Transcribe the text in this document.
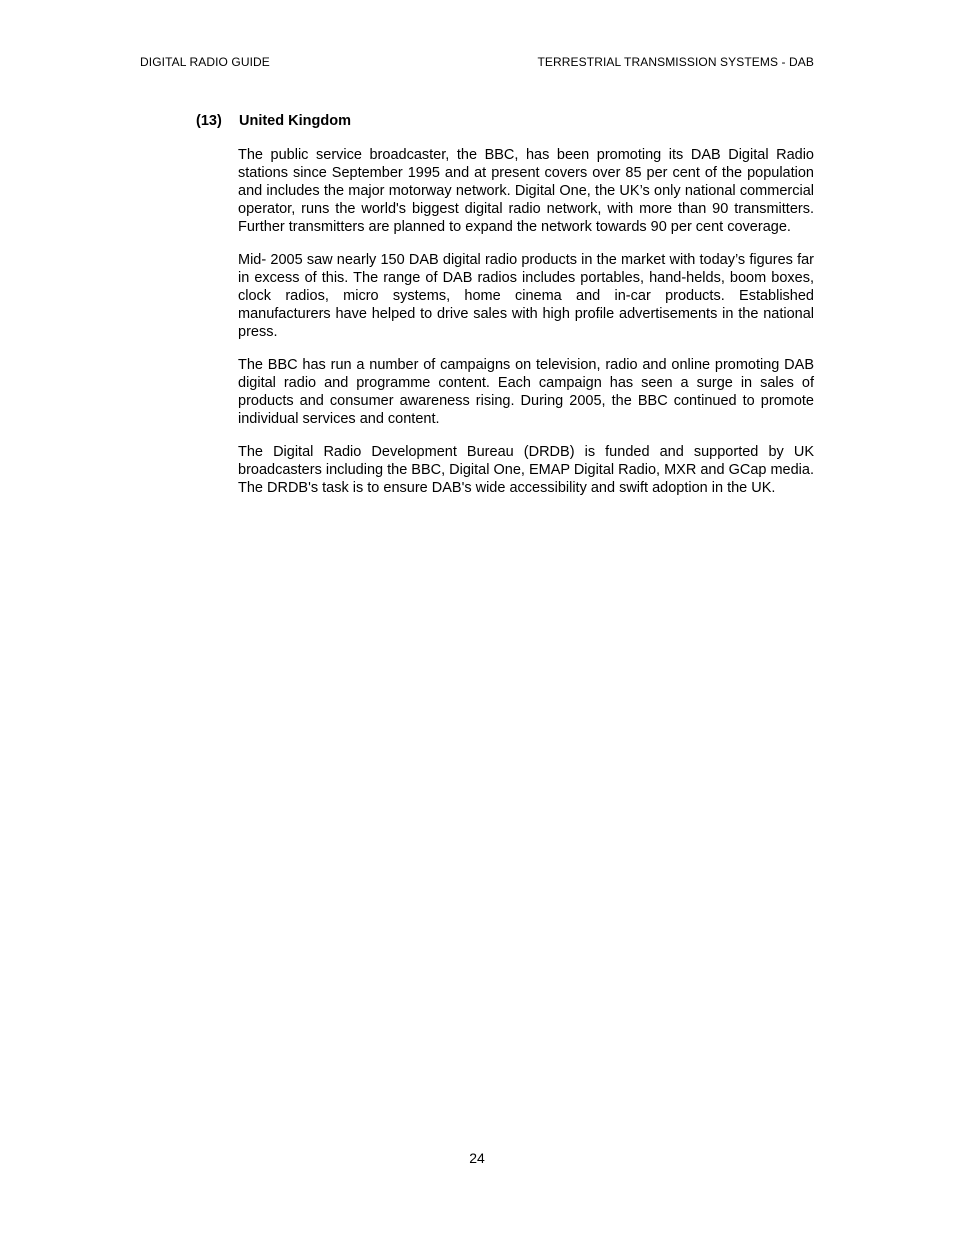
DIGITAL RADIO GUIDE	TERRESTRIAL TRANSMISSION SYSTEMS - DAB
(13) United Kingdom

The public service broadcaster, the BBC, has been promoting its DAB Digital Radio stations since September 1995 and at present covers over 85 per cent of the population and includes the major motorway network. Digital One, the UK’s only national commercial operator, runs the world's biggest digital radio network, with more than 90 transmitters. Further transmitters are planned to expand the network towards 90 per cent coverage.

Mid- 2005 saw nearly 150 DAB digital radio products in the market with today’s figures far in excess of this. The range of DAB radios includes portables, hand-helds, boom boxes, clock radios, micro systems, home cinema and in-car products. Established manufacturers have helped to drive sales with high profile advertisements in the national press.

The BBC has run a number of campaigns on television, radio and online promoting DAB digital radio and programme content. Each campaign has seen a surge in sales of products and consumer awareness rising. During 2005, the BBC continued to promote individual services and content.

The Digital Radio Development Bureau (DRDB) is funded and supported by UK broadcasters including the BBC, Digital One, EMAP Digital Radio, MXR and GCap media. The DRDB's task is to ensure DAB's wide accessibility and swift adoption in the UK.

24
